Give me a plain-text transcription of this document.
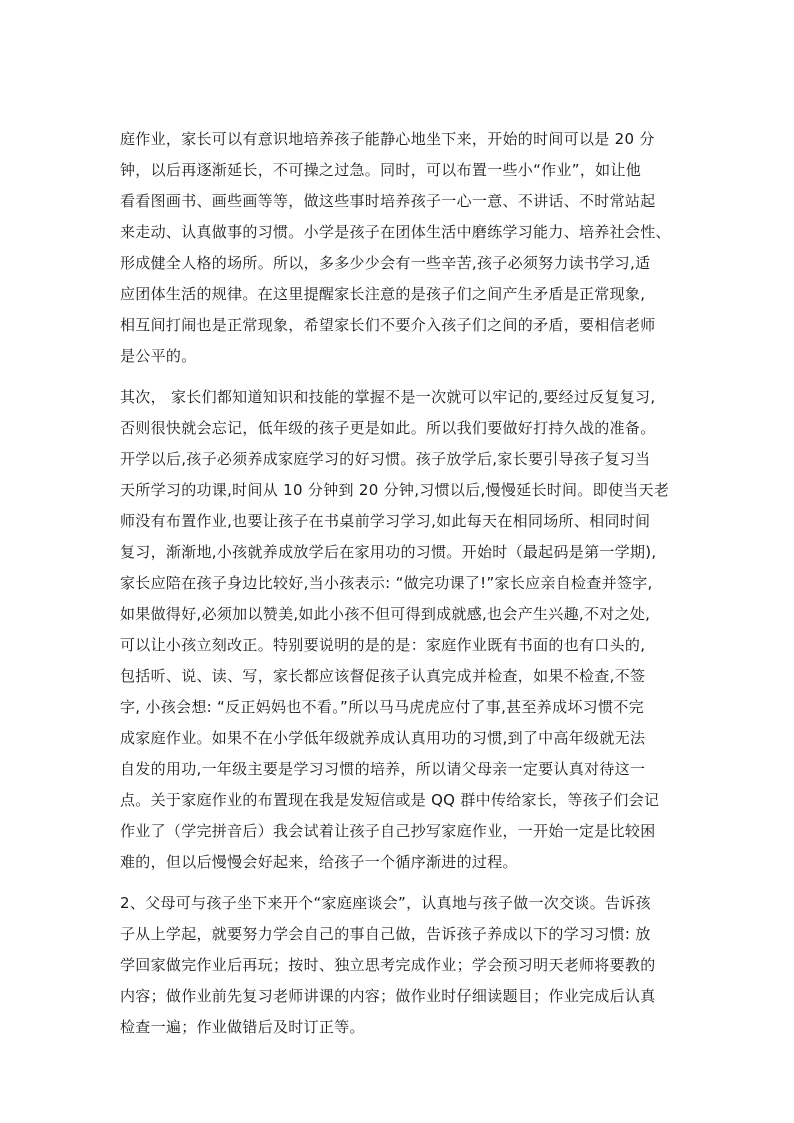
庭作业，家长可以有意识地培养孩子能静心地坐下来，开始的时间可以是 20 分
钟，以后再逐渐延长，不可操之过急。同时，可以布置一些小“作业”，如让他
看看图画书、画些画等等，做这些事时培养孩子一心一意、不讲话、不时常站起
来走动、认真做事的习惯。小学是孩子在团体生活中磨练学习能力、培养社会性、
形成健全人格的场所。所以，多多少少会有一些辛苦,孩子必须努力读书学习,适
应团体生活的规律。在这里提醒家长注意的是孩子们之间产生矛盾是正常现象,
相互间打闹也是正常现象，希望家长们不要介入孩子们之间的矛盾，要相信老师
是公平的。

其次， 家长们都知道知识和技能的掌握不是一次就可以牢记的,要经过反复复习,
否则很快就会忘记，低年级的孩子更是如此。所以我们要做好打持久战的准备。
开学以后,孩子必须养成家庭学习的好习惯。孩子放学后,家长要引导孩子复习当
天所学习的功课,时间从 10 分钟到 20 分钟,习惯以后,慢慢延长时间。即使当天老
师没有布置作业,也要让孩子在书桌前学习学习,如此每天在相同场所、相同时间
复习，渐渐地,小孩就养成放学后在家用功的习惯。开始时（最起码是第一学期),
家长应陪在孩子身边比较好,当小孩表示: “做完功课了!”家长应亲自检查并签字,
如果做得好,必须加以赞美,如此小孩不但可得到成就感,也会产生兴趣,不对之处,
可以让小孩立刻改正。特别要说明的是的是：家庭作业既有书面的也有口头的,
包括听、说、读、写，家长都应该督促孩子认真完成并检查，如果不检查,不签
字, 小孩会想: “反正妈妈也不看。”所以马马虎虎应付了事,甚至养成坏习惯不完
成家庭作业。如果不在小学低年级就养成认真用功的习惯,到了中高年级就无法
自发的用功,一年级主要是学习习惯的培养，所以请父母亲一定要认真对待这一
点。关于家庭作业的布置现在我是发短信或是 QQ 群中传给家长，等孩子们会记
作业了（学完拼音后）我会试着让孩子自己抄写家庭作业，一开始一定是比较困
难的，但以后慢慢会好起来，给孩子一个循序渐进的过程。

2、父母可与孩子坐下来开个“家庭座谈会”，认真地与孩子做一次交谈。告诉孩
子从上学起，就要努力学会自己的事自己做，告诉孩子养成以下的学习习惯: 放
学回家做完作业后再玩；按时、独立思考完成作业；学会预习明天老师将要教的
内容；做作业前先复习老师讲课的内容；做作业时仔细读题目；作业完成后认真
检查一遍；作业做错后及时订正等。
